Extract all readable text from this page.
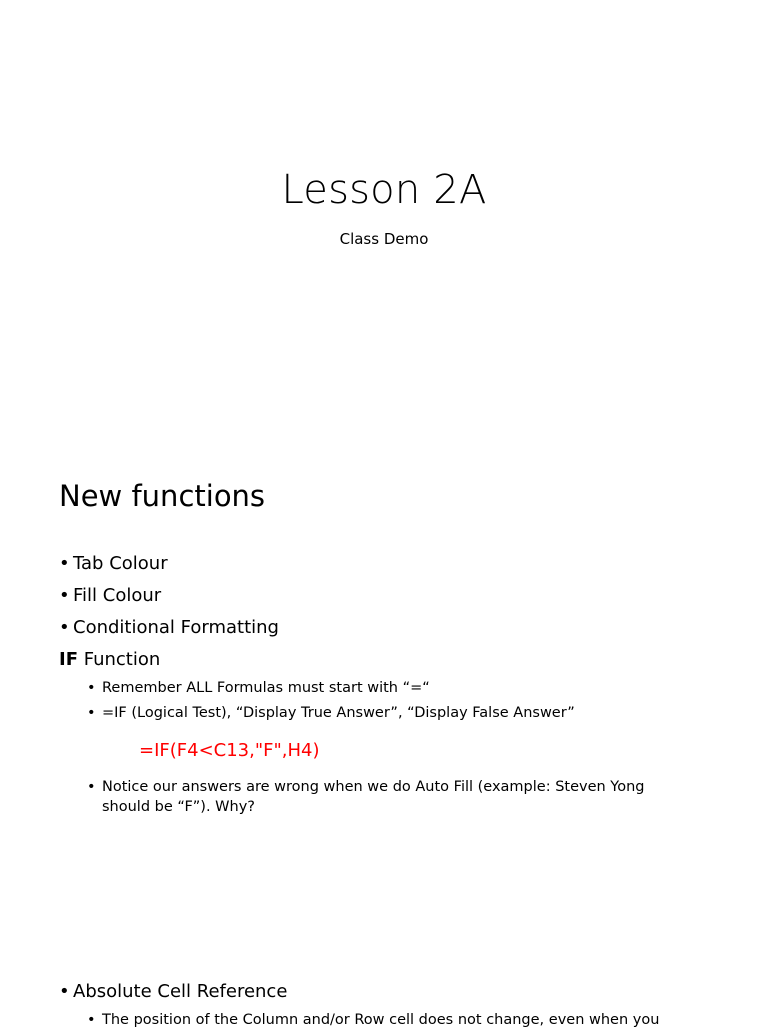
Lesson 2A
Class Demo
New functions
• Tab Colour
• Fill Colour
• Conditional Formatting
IF Function
• Remember ALL Formulas must start with “=“
• =IF (Logical Test), “Display True Answer”, “Display False Answer”
=IF(F4<C13,"F",H4)
• Notice our answers are wrong when we do Auto Fill (example: Steven Yong should be “F”). Why?
• Absolute Cell Reference
• The position of the Column and/or Row cell does not change, even when you
